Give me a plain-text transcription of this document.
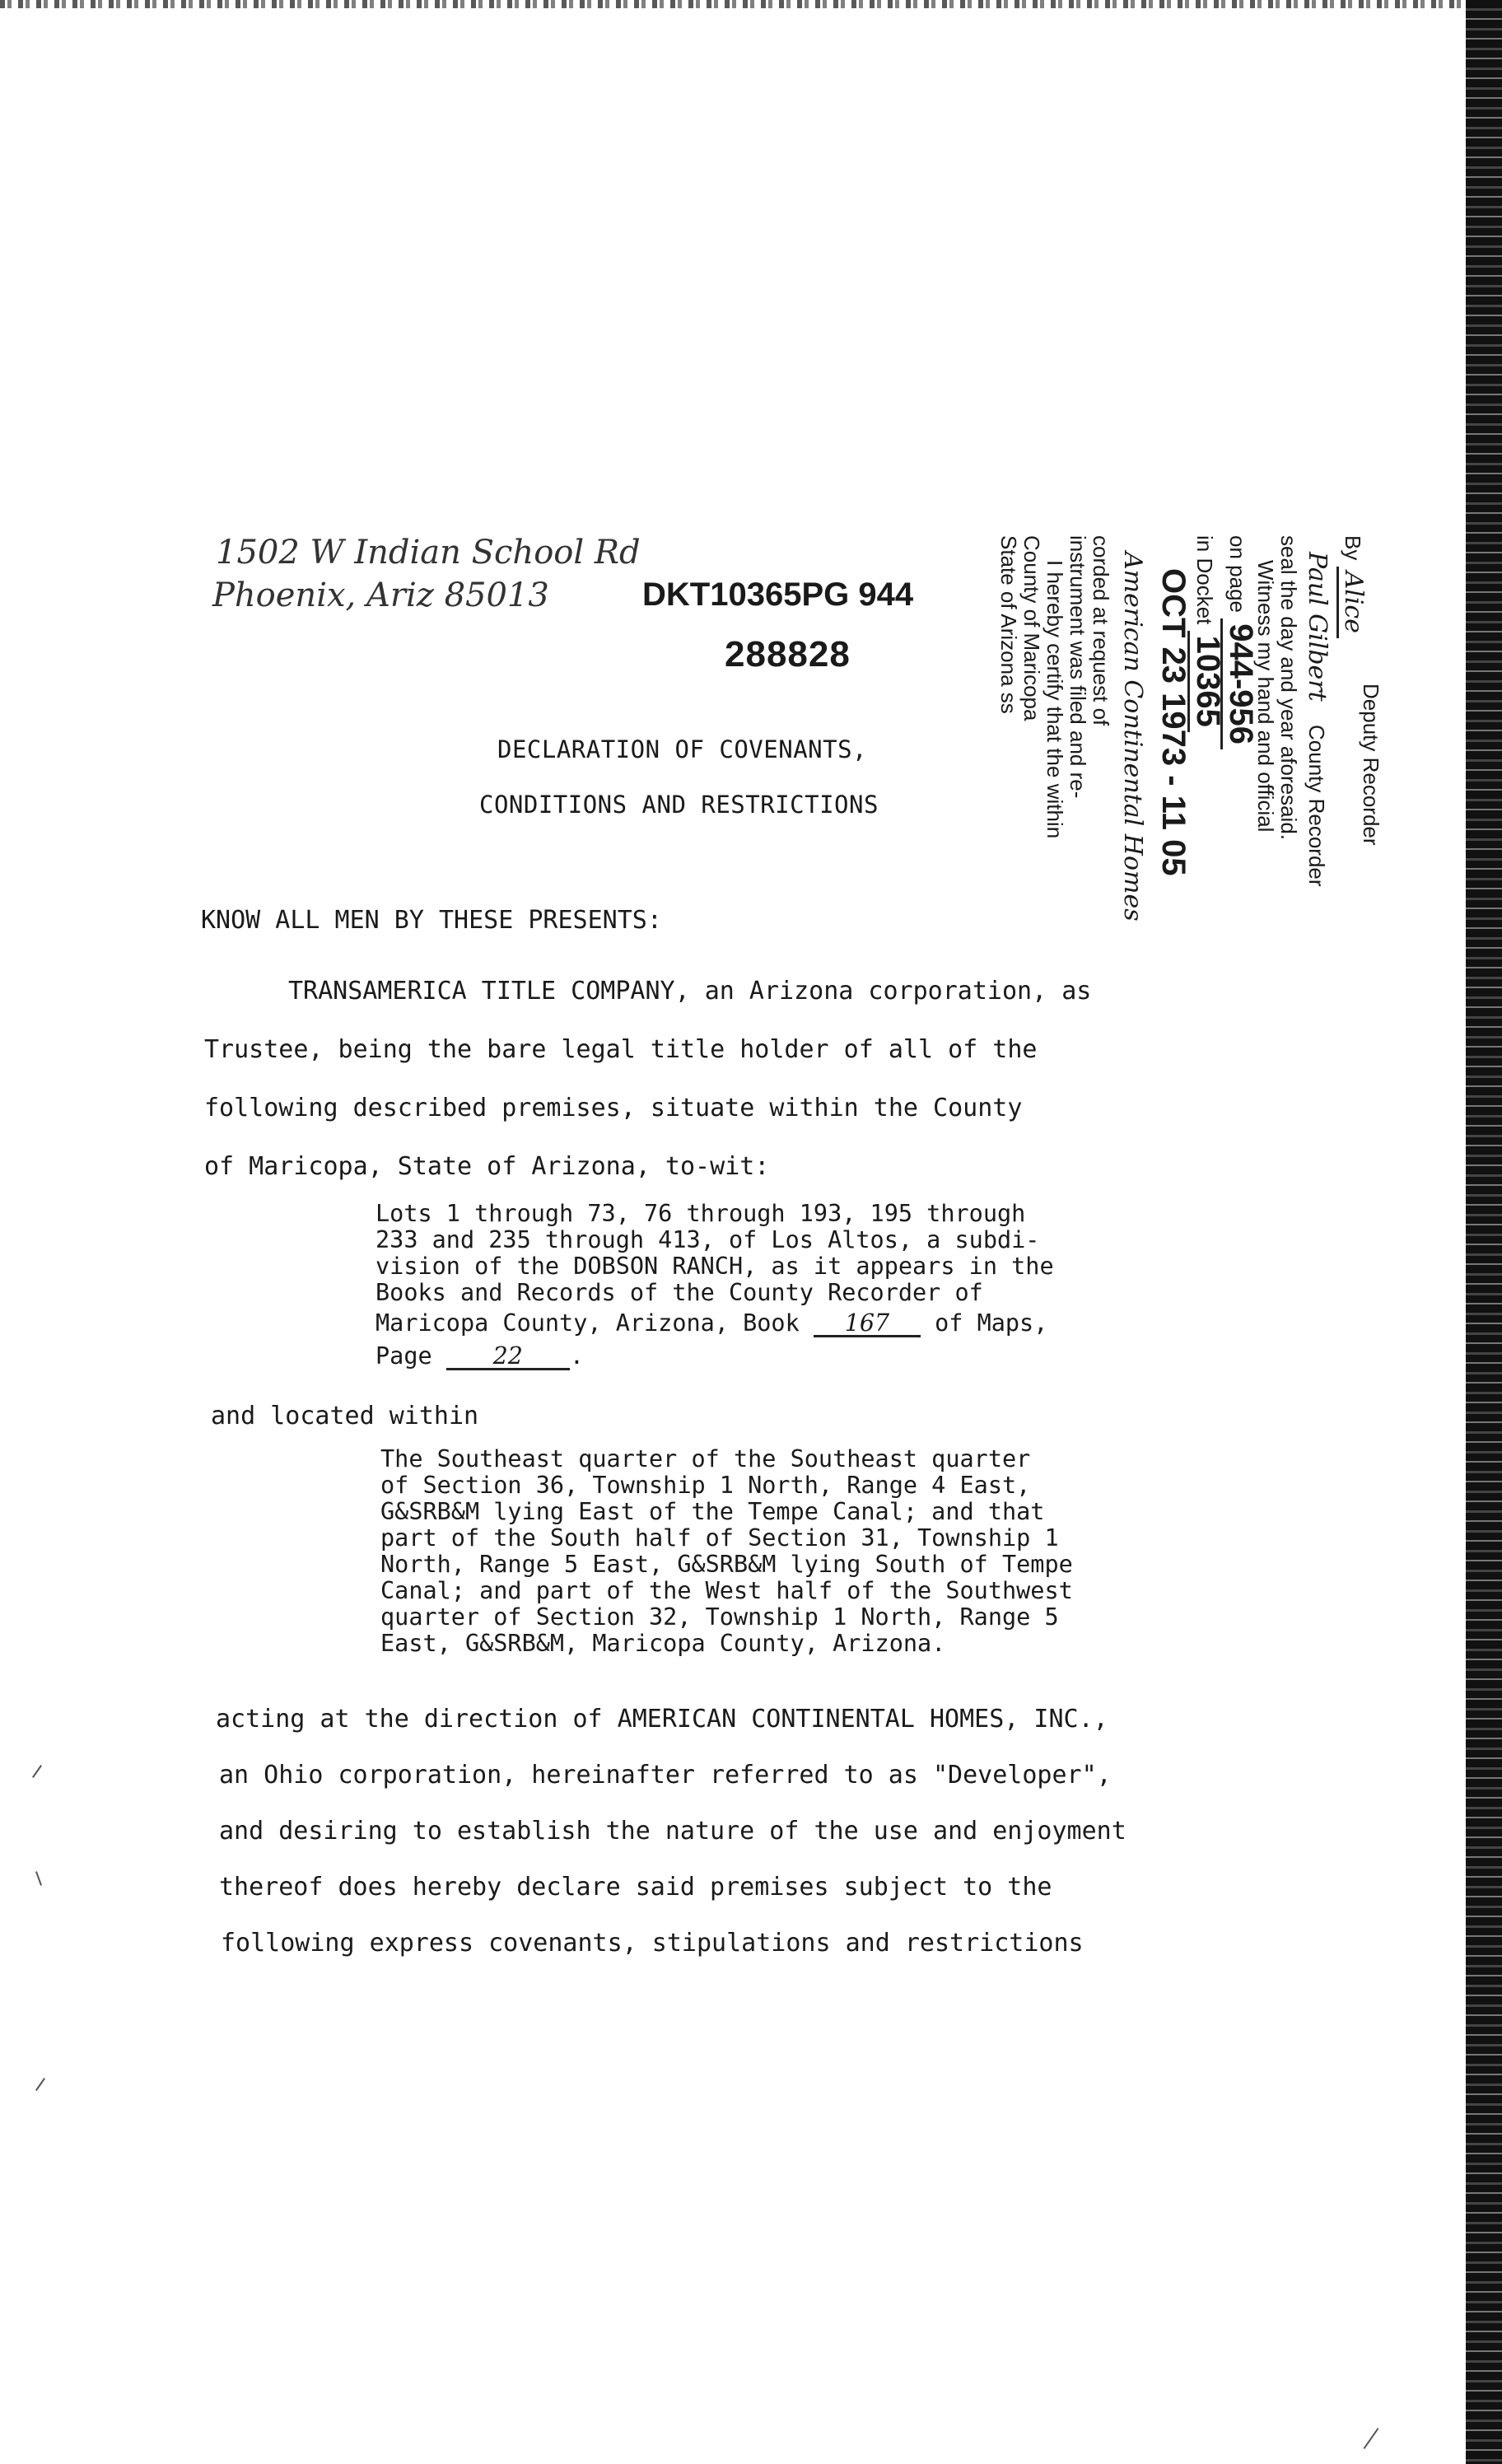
1502 W Indian School Rd
Phoenix, Ariz 85013	DKT10365PG 944
288828
DECLARATION OF COVENANTS,
CONDITIONS AND RESTRICTIONS
State of Arizona ss
County of Maricopa
I hereby certify that the within
instrument was filed and re-
corded at request of American Continental Homes OCT 23 1973 - 11 05 in Docket 10365
on page 944-956
Witness my hand and official
seal the day and year aforesaid. Paul Gilbert
County Recorder
By Alice
Deputy Recorder
KNOW ALL MEN BY THESE PRESENTS:
TRANSAMERICA TITLE COMPANY, an Arizona corporation, as
Trustee, being the bare legal title holder of all of the
following described premises, situate within the County
of Maricopa, State of Arizona, to-wit:
Lots 1 through 73, 76 through 193, 195 through
233 and 235 through 413, of Los Altos, a subdi-
vision of the DOBSON RANCH, as it appears in the
Books and Records of the County Recorder of
Maricopa County, Arizona, Book 167 of Maps,
Page	22 .
and located within
The Southeast quarter of the Southeast quarter
of Section 36, Township 1 North, Range 4 East,
G&SRB&M lying East of the Tempe Canal; and that
part of the South half of Section 31, Township 1
North, Range 5 East, G&SRB&M lying South of Tempe
Canal; and part of the West half of the Southwest
quarter of Section 32, Township 1 North, Range 5
East, G&SRB&M, Maricopa County, Arizona.
acting at the direction of AMERICAN CONTINENTAL HOMES, INC.,
an Ohio corporation, hereinafter referred to as "Developer",
and desiring to establish the nature of the use and enjoyment
thereof does hereby declare said premises subject to the
following express covenants, stipulations and restrictions
